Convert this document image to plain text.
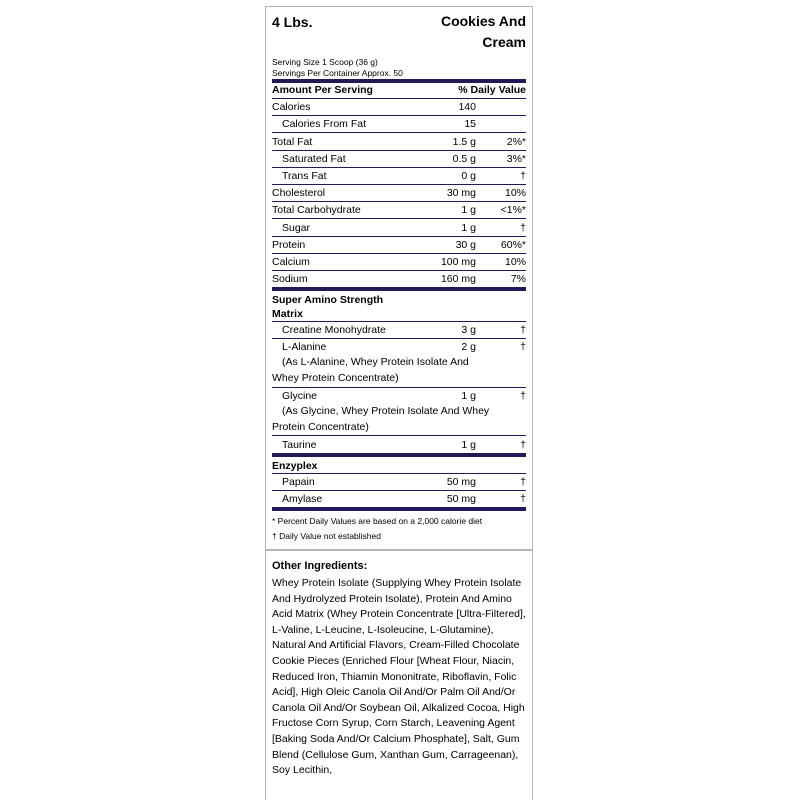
4 Lbs.	Cookies And Cream
Serving Size 1 Scoop (36 g)
Servings Per Container Approx. 50
Amount Per Serving	% Daily Value
Calories	140
Calories From Fat	15
Total Fat	1.5 g	2%*
Saturated Fat	0.5 g	3%*
Trans Fat	0 g	†
Cholesterol	30 mg	10%
Total Carbohydrate	1 g	<1%*
Sugar	1 g	†
Protein	30 g	60%*
Calcium	100 mg	10%
Sodium	160 mg	7%
Super Amino Strength Matrix
Creatine Monohydrate	3 g	†
L-Alanine	2 g	†
(As L-Alanine, Whey Protein Isolate And
Whey Protein Concentrate)
Glycine	1 g	†
(As Glycine, Whey Protein Isolate And Whey
Protein Concentrate)
Taurine	1 g	†
Enzyplex
Papain	50 mg	†
Amylase	50 mg	†
* Percent Daily Values are based on a 2,000 calorie diet
† Daily Value not established
Other Ingredients:
Whey Protein Isolate (Supplying Whey Protein Isolate And Hydrolyzed Protein Isolate), Protein And Amino Acid Matrix (Whey Protein Concentrate [Ultra-Filtered], L-Valine, L-Leucine, L-Isoleucine, L-Glutamine), Natural And Artificial Flavors, Cream-Filled Chocolate Cookie Pieces (Enriched Flour [Wheat Flour, Niacin, Reduced Iron, Thiamin Mononitrate, Riboflavin, Folic Acid], High Oleic Canola Oil And/Or Palm Oil And/Or Canola Oil And/Or Soybean Oil, Alkalized Cocoa, High Fructose Corn Syrup, Corn Starch, Leavening Agent [Baking Soda And/Or Calcium Phosphate], Salt, Gum Blend (Cellulose Gum, Xanthan Gum, Carrageenan), Soy Lecithin,
